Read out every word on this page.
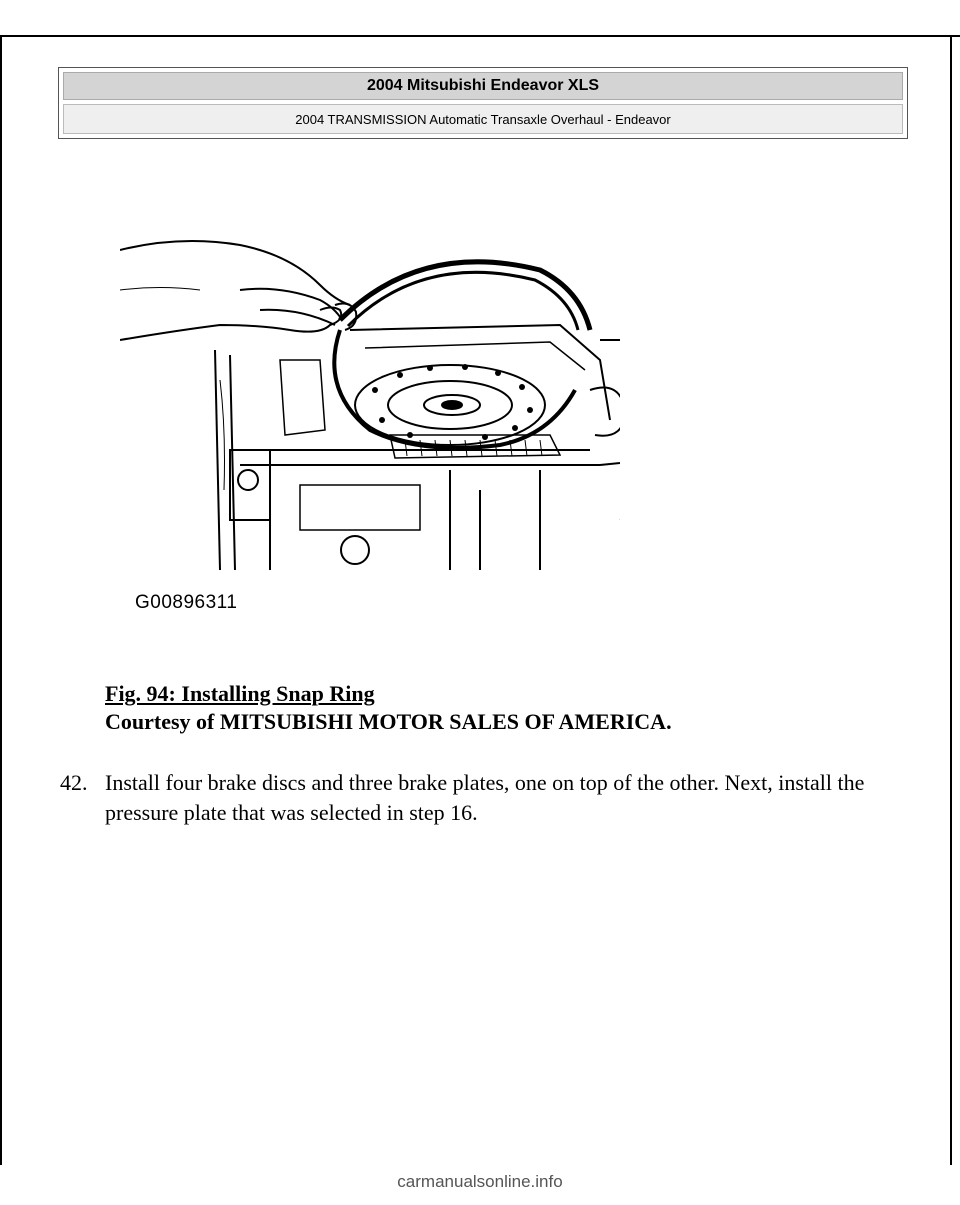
2004 Mitsubishi Endeavor XLS
2004 TRANSMISSION Automatic Transaxle Overhaul - Endeavor
G00896311
Fig. 94: Installing Snap Ring
Courtesy of MITSUBISHI MOTOR SALES OF AMERICA.
42. Install four brake discs and three brake plates, one on top of the other. Next, install the pressure plate that was selected in step 16.
carmanualsonline.info
